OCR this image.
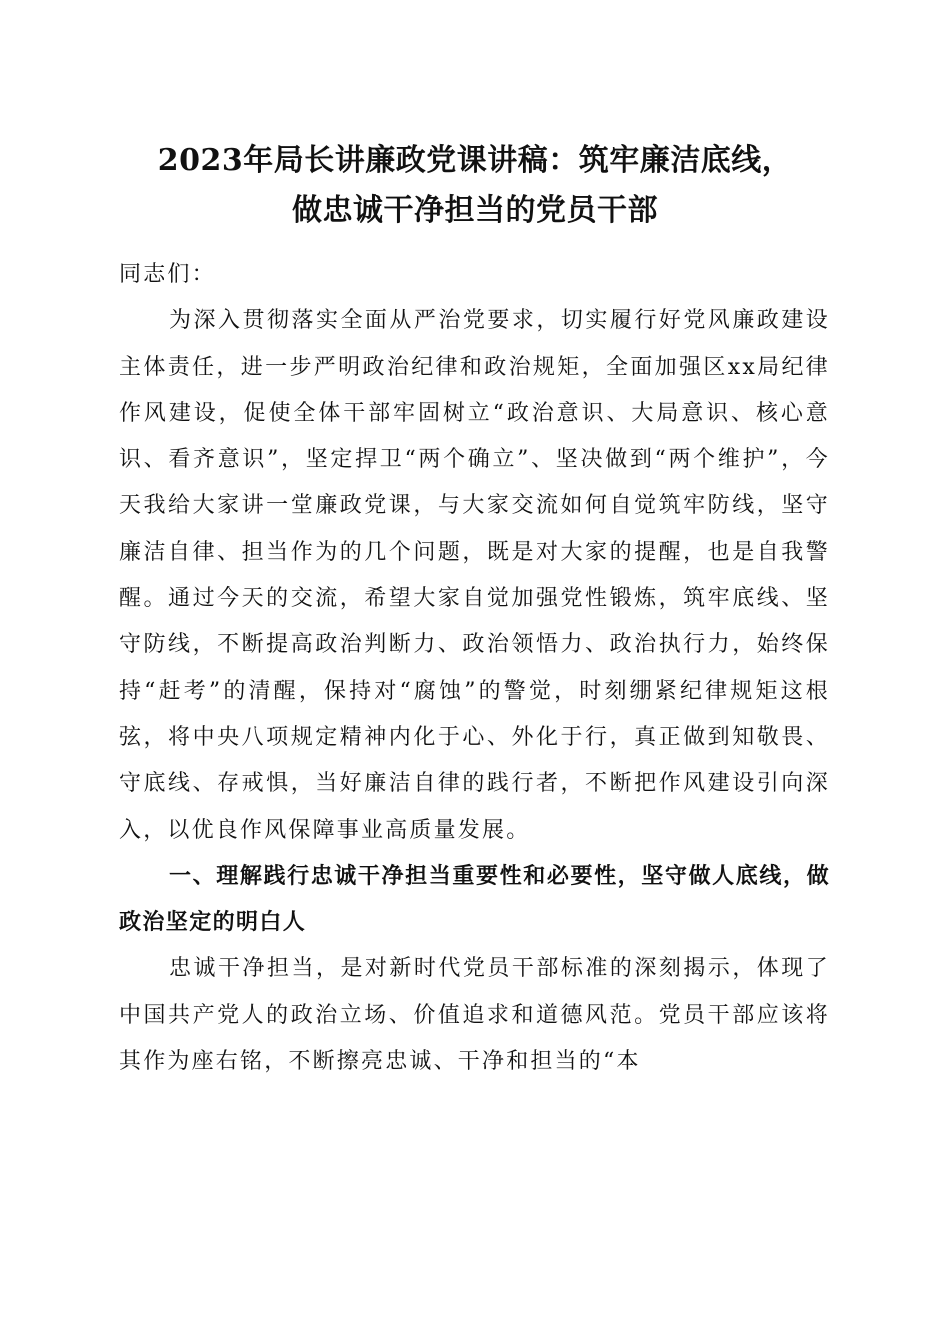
2023年局长讲廉政党课讲稿：筑牢廉洁底线，
做忠诚干净担当的党员干部

同志们：

为深入贯彻落实全面从严治党要求，切实履行好党风廉政建设主体责任，进一步严明政治纪律和政治规矩，全面加强区xx局纪律作风建设，促使全体干部牢固树立“政治意识、大局意识、核心意识、看齐意识”，坚定捍卫“两个确立”、坚决做到“两个维护”，今天我给大家讲一堂廉政党课，与大家交流如何自觉筑牢防线，坚守廉洁自律、担当作为的几个问题，既是对大家的提醒，也是自我警醒。通过今天的交流，希望大家自觉加强党性锻炼，筑牢底线、坚守防线，不断提高政治判断力、政治领悟力、政治执行力，始终保持“赶考”的清醒，保持对“腐蚀”的警觉，时刻绷紧纪律规矩这根弦，将中央八项规定精神内化于心、外化于行，真正做到知敬畏、守底线、存戒惧，当好廉洁自律的践行者，不断把作风建设引向深入，以优良作风保障事业高质量发展。

一、理解践行忠诚干净担当重要性和必要性，坚守做人底线，做政治坚定的明白人

忠诚干净担当，是对新时代党员干部标准的深刻揭示，体现了中国共产党人的政治立场、价值追求和道德风范。党员干部应该将其作为座右铭，不断擦亮忠诚、干净和担当的“本
